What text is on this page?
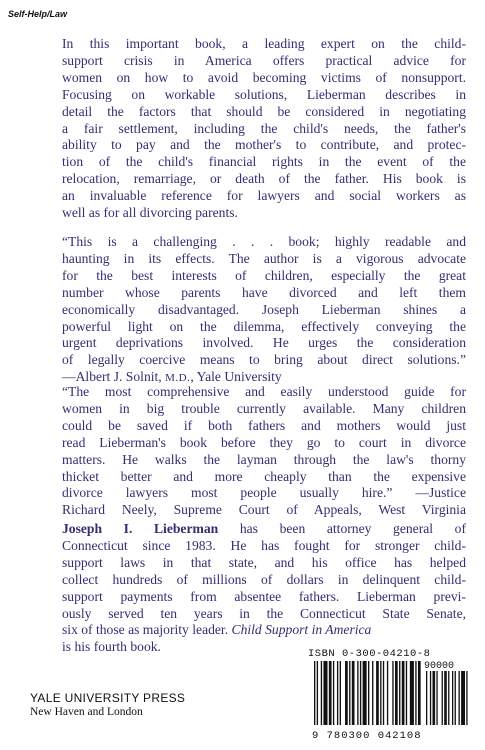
Self-Help/Law
In this important book, a leading expert on the child-
support crisis in America offers practical advice for
women on how to avoid becoming victims of nonsupport.
Focusing on workable solutions, Lieberman describes in
detail the factors that should be considered in negotiating
a fair settlement, including the child's needs, the father's
ability to pay and the mother's to contribute, and protec-
tion of the child's financial rights in the event of the
relocation, remarriage, or death of the father. His book is
an invaluable reference for lawyers and social workers as
well as for all divorcing parents.
“This is a challenging . . . book; highly readable and
haunting in its effects. The author is a vigorous advocate
for the best interests of children, especially the great
number whose parents have divorced and left them
economically disadvantaged. Joseph Lieberman shines a
powerful light on the dilemma, effectively conveying the
urgent deprivations involved. He urges the consideration
of legally coercive means to bring about direct solutions.”
—Albert J. Solnit, M.D., Yale University
“The most comprehensive and easily understood guide for
women in big trouble currently available. Many children
could be saved if both fathers and mothers would just
read Lieberman's book before they go to court in divorce
matters. He walks the layman through the law's thorny
thicket better and more cheaply than the expensive
divorce lawyers most people usually hire.” —Justice
Richard Neely, Supreme Court of Appeals, West Virginia
Joseph I. Lieberman has been attorney general of
Connecticut since 1983. He has fought for stronger child-
support laws in that state, and his office has helped
collect hundreds of millions of dollars in delinquent child-
support payments from absentee fathers. Lieberman previ-
ously served ten years in the Connecticut State Senate,
six of those as majority leader. Child Support in America
is his fourth book.
YALE UNIVERSITY PRESS
New Haven and London
ISBN 0-300-04210-8
90000
9 780300 042108
